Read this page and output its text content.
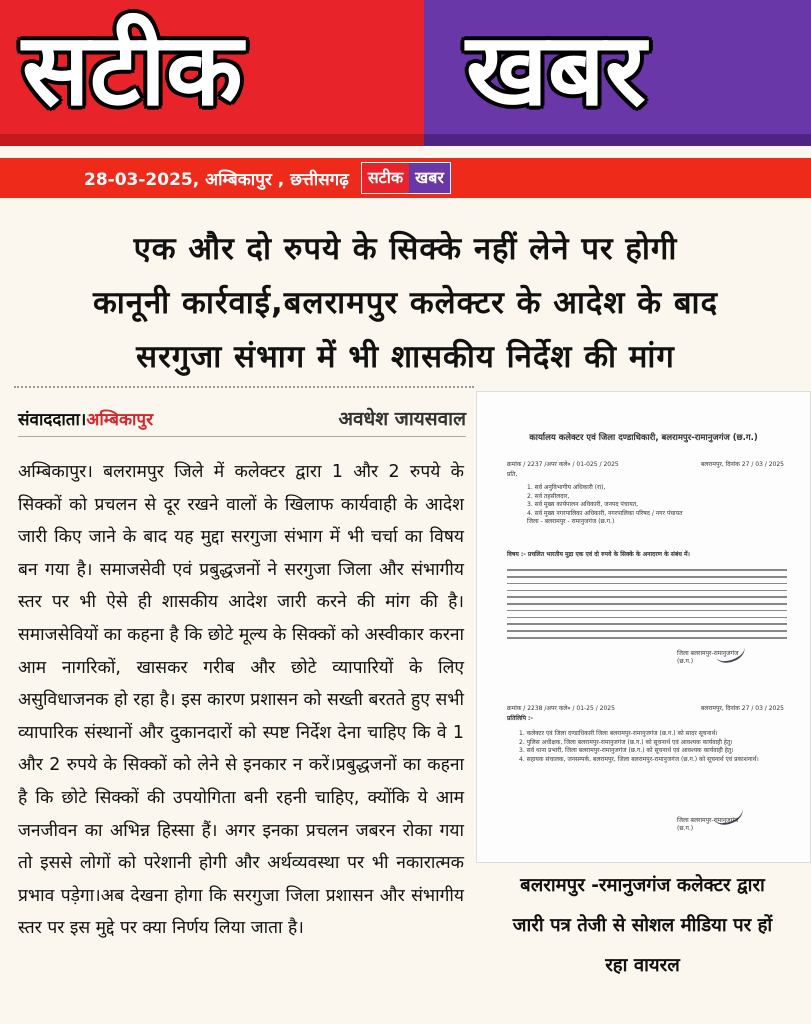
सटीक खबर
28-03-2025, अम्बिकापुर , छत्तीसगढ़	सटीक खबर
एक और दो रुपये के सिक्के नहीं लेने पर होगी
कानूनी कार्रवाई,बलरामपुर कलेक्टर के आदेश के बाद
सरगुजा संभाग में भी शासकीय निर्देश की मांग
संवाददाता।अम्बिकापुर	अवधेश जायसवाल
अम्बिकापुर। बलरामपुर जिले में कलेक्टर द्वारा 1 और 2 रुपये के सिक्कों को प्रचलन से दूर रखने वालों के खिलाफ कार्यवाही के आदेश जारी किए जाने के बाद यह मुद्दा सरगुजा संभाग में भी चर्चा का विषय बन गया है। समाजसेवी एवं प्रबुद्धजनों ने सरगुजा जिला और संभागीय स्तर पर भी ऐसे ही शासकीय आदेश जारी करने की मांग की है। समाजसेवियों का कहना है कि छोटे मूल्य के सिक्कों को अस्वीकार करना आम नागरिकों, खासकर गरीब और छोटे व्यापारियों के लिए असुविधाजनक हो रहा है। इस कारण प्रशासन को सख्ती बरतते हुए सभी व्यापारिक संस्थानों और दुकानदारों को स्पष्ट निर्देश देना चाहिए कि वे 1 और 2 रुपये के सिक्कों को लेने से इनकार न करें।प्रबुद्धजनों का कहना है कि छोटे सिक्कों की उपयोगिता बनी रहनी चाहिए, क्योंकि ये आम जनजीवन का अभिन्न हिस्सा हैं। अगर इनका प्रचलन जबरन रोका गया तो इससे लोगों को परेशानी होगी और अर्थव्यवस्था पर भी नकारात्मक प्रभाव पड़ेगा।अब देखना होगा कि सरगुजा जिला प्रशासन और संभागीय स्तर पर इस मुद्दे पर क्या निर्णय लिया जाता है।
कार्यालय कलेक्टर एवं जिला दण्डाधिकारी, बलरामपुर-रामानुजगंज (छ.ग.)
क्रमांक / 2237 /अपर कले० / 01-025 / 2025	बलरामपुर, दिनांक 27 / 03 / 2025
प्रति,
1. सर्व अनुविभागीय अधिकारी (रा),
2. सर्व तहसीलदार,
3. सर्व मुख्य कार्यपालन अधिकारी, जनपद पंचायत,
4. सर्व मुख्य नगरपालिका अधिकारी, नगरपालिका परिषद / नगर पंचायत
जिला - बलरामपुर - रामानुजगंज (छ.ग.)
विषय :- प्रचलित भारतीय मुद्रा एक एवं दो रुपये के सिक्के के अनादरण के संबंध में।
जिला बलरामपुर-रामानुजगंज
(छ.ग.)
क्रमांक / 2238 /अपर कले० / 01-25 / 2025	बलरामपुर, दिनांक 27 / 03 / 2025
प्रतिलिपि :-
1. कलेक्टर एवं जिला दण्डाधिकारी जिला बलरामपुर-रामानुजगंज (छ.ग.) को सादर सूचनार्थ।
2. पुलिस अधीक्षक, जिला बलरामपुर-रामानुजगंज (छ.ग.) को सूचनार्थ एवं आवश्यक कार्यवाही हेतु।
3. सर्व थाना प्रभारी, जिला बलरामपुर-रामानुजगंज (छ.ग.) को सूचनार्थ एवं आवश्यक कार्यवाही हेतु।
4. सहायक संचालक, जनसम्पर्क, बलरामपुर, जिला बलरामपुर-रामानुजगंज (छ.ग.) को सूचनार्थ एवं प्रकाशनार्थ।
जिला बलरामपुर-रामानुजगंज
(छ.ग.)
बलरामपुर -रमानुजगंज कलेक्टर द्वारा
जारी पत्र तेजी से सोशल मीडिया पर हों
रहा वायरल
